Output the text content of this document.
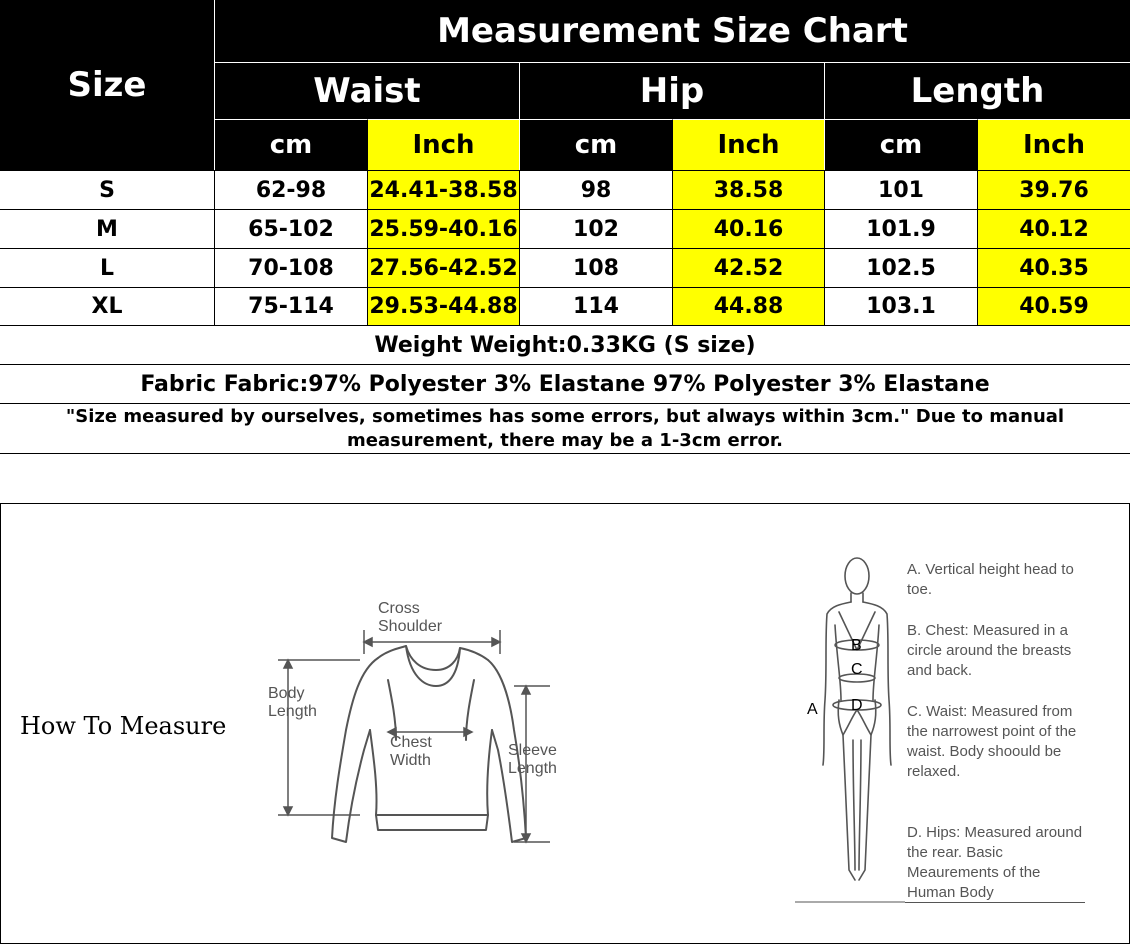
Size
Measurement Size Chart
Waist	Hip	Length
cm	Inch	cm	Inch	cm	Inch
S	62-98	24.41-38.58	98	38.58	101	39.76
M	65-102	25.59-40.16	102	40.16	101.9	40.12
L	70-108	27.56-42.52	108	42.52	102.5	40.35
XL	75-114	29.53-44.88	114	44.88	103.1	40.59
Weight Weight:0.33KG (S size)
Fabric Fabric:97% Polyester 3% Elastane 97% Polyester 3% Elastane
"Size measured by ourselves, sometimes has some errors, but always within 3cm." Due to manual measurement, there may be a 1-3cm error.
How To Measure
Cross
Shoulder
Body
Length
Chest
Width
Sleeve
Length
A
B
C
D
A. Vertical height head to toe.
B. Chest: Measured in a circle around the breasts and back.
C. Waist: Measured from the narrowest point of the waist. Body shoould be relaxed.
D. Hips: Measured around the rear. Basic Meaurements of the Human Body
